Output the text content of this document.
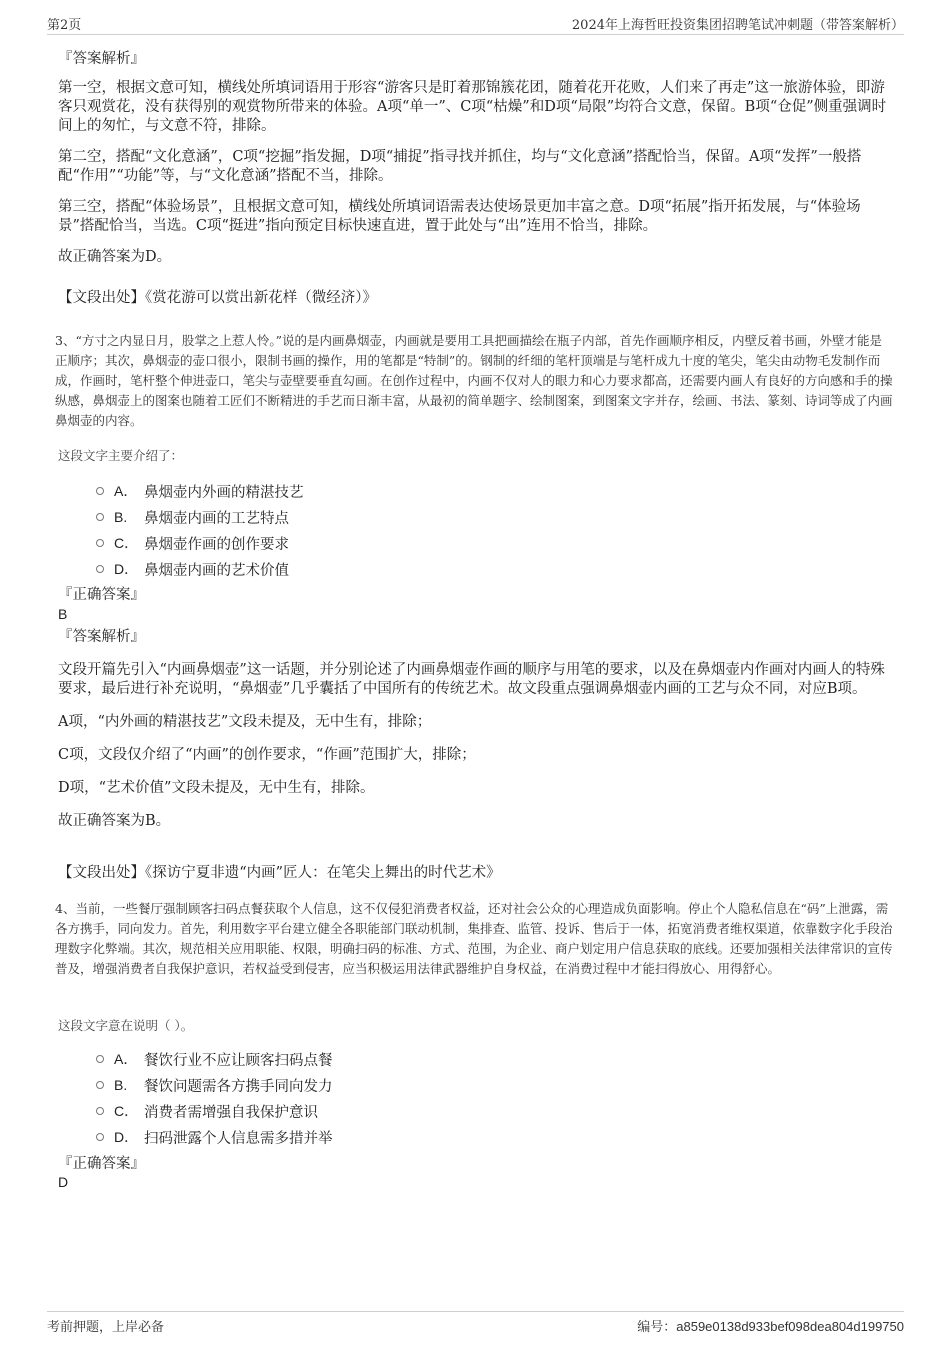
第2页	2024年上海哲旺投资集团招聘笔试冲刺题（带答案解析）
『答案解析』

第一空，根据文意可知，横线处所填词语用于形容“游客只是盯着那锦簇花团，随着花开花败，人们来了再走”这一旅游体验，即游客只观赏花，没有获得别的观赏物所带来的体验。A项“单一”、C项“枯燥”和D项“局限”均符合文意，保留。B项“仓促”侧重强调时间上的匆忙，与文意不符，排除。

第二空，搭配“文化意涵”，C项“挖掘”指发掘，D项“捕捉”指寻找并抓住，均与“文化意涵”搭配恰当，保留。A项“发挥”一般搭配“作用”“功能”等，与“文化意涵”搭配不当，排除。

第三空，搭配“体验场景”，且根据文意可知，横线处所填词语需表达使场景更加丰富之意。D项“拓展”指开拓发展，与“体验场景”搭配恰当，当选。C项“挺进”指向预定目标快速直进，置于此处与“出”连用不恰当，排除。

故正确答案为D。

【文段出处】《赏花游可以赏出新花样（微经济）》
3、“方寸之内显日月，股掌之上惹人怜。”说的是内画鼻烟壶，内画就是要用工具把画描绘在瓶子内部，首先作画顺序相反，内壁反着书画，外壁才能是正顺序；其次，鼻烟壶的壶口很小，限制书画的操作，用的笔都是“特制”的。钢制的纤细的笔杆顶端是与笔杆成九十度的笔尖，笔尖由动物毛发制作而成，作画时，笔杆整个伸进壶口，笔尖与壶壁要垂直勾画。在创作过程中，内画不仅对人的眼力和心力要求都高，还需要内画人有良好的方向感和手的操纵感，鼻烟壶上的图案也随着工匠们不断精进的手艺而日渐丰富，从最初的简单题字、绘制图案，到图案文字并存，绘画、书法、篆刻、诗词等成了内画鼻烟壶的内容。
这段文字主要介绍了：
A． 鼻烟壶内外画的精湛技艺
B.	鼻烟壶内画的工艺特点
C． 鼻烟壶作画的创作要求
D． 鼻烟壶内画的艺术价值
『正确答案』
B
『答案解析』

文段开篇先引入“内画鼻烟壶”这一话题，并分别论述了内画鼻烟壶作画的顺序与用笔的要求，以及在鼻烟壶内作画对内画人的特殊要求，最后进行补充说明，“鼻烟壶”几乎囊括了中国所有的传统艺术。故文段重点强调鼻烟壶内画的工艺与众不同，对应B项。

A项，“内外画的精湛技艺”文段未提及，无中生有，排除；

C项，文段仅介绍了“内画”的创作要求，“作画”范围扩大，排除；

D项，“艺术价值”文段未提及，无中生有，排除。

故正确答案为B。

【文段出处】《探访宁夏非遗“内画”匠人：在笔尖上舞出的时代艺术》
4、当前，一些餐厅强制顾客扫码点餐获取个人信息，这不仅侵犯消费者权益，还对社会公众的心理造成负面影响。停止个人隐私信息在“码”上泄露，需各方携手，同向发力。首先，利用数字平台建立健全各职能部门联动机制，集排查、监管、投诉、售后于一体，拓宽消费者维权渠道，依靠数字化手段治理数字化弊端。其次，规范相关应用职能、权限，明确扫码的标准、方式、范围，为企业、商户划定用户信息获取的底线。还要加强相关法律常识的宣传普及，增强消费者自我保护意识，若权益受到侵害，应当积极运用法律武器维护自身权益，在消费过程中才能扫得放心、用得舒心。
这段文字意在说明（ ）。
A． 餐饮行业不应让顾客扫码点餐
B.	餐饮问题需各方携手同向发力
C． 消费者需增强自我保护意识
D． 扫码泄露个人信息需多措并举
『正确答案』
D
考前押题，上岸必备	编号：a859e0138d933bef098dea804d199750
